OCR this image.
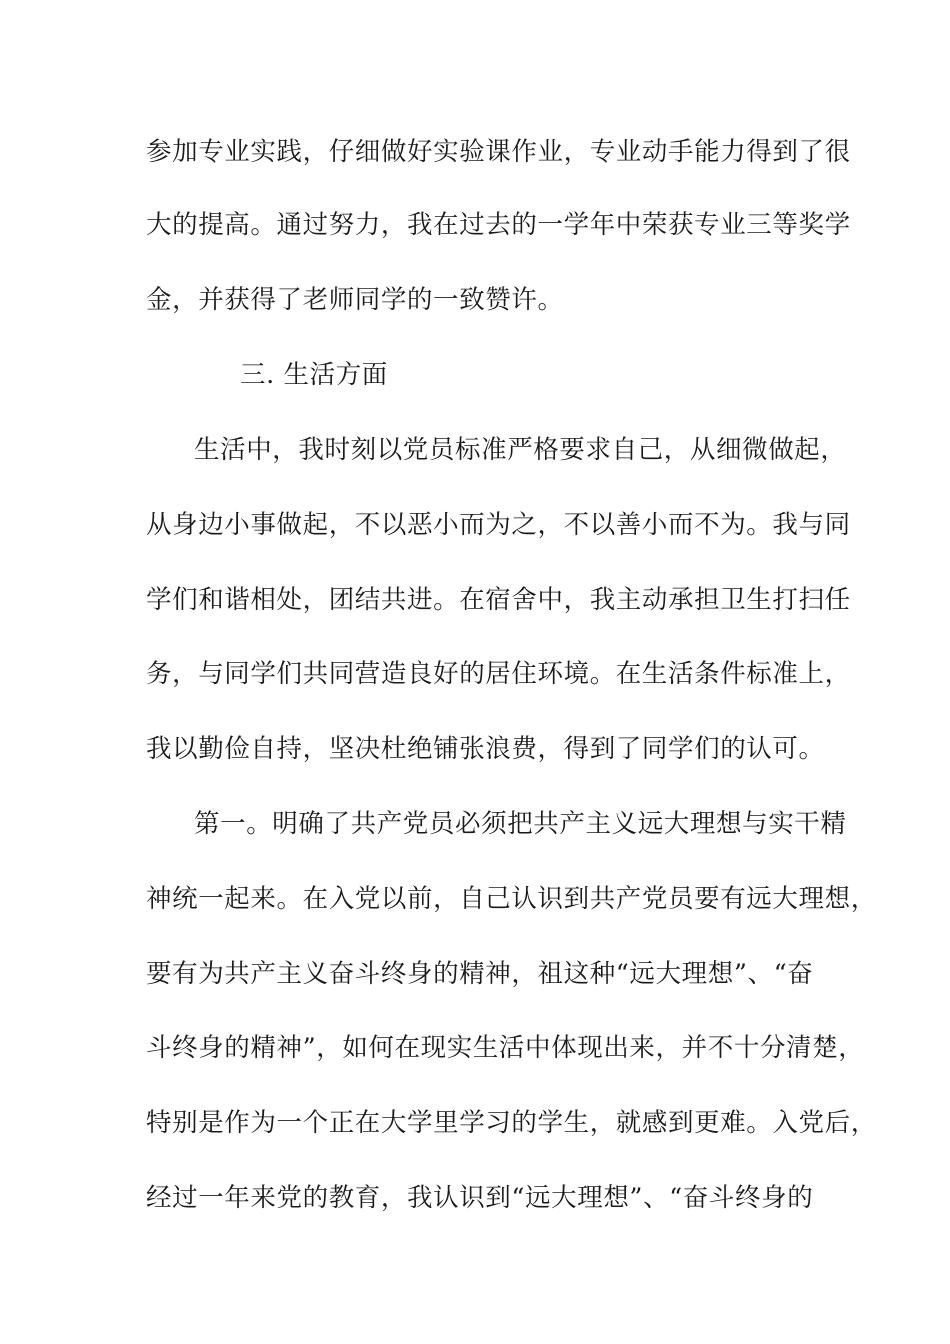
参加专业实践，仔细做好实验课作业，专业动手能力得到了很
大的提高。通过努力，我在过去的一学年中荣获专业三等奖学
金，并获得了老师同学的一致赞许。
三. 生活方面
生活中，我时刻以党员标准严格要求自己，从细微做起，
从身边小事做起，不以恶小而为之，不以善小而不为。我与同
学们和谐相处，团结共进。在宿舍中，我主动承担卫生打扫任
务，与同学们共同营造良好的居住环境。在生活条件标准上，
我以勤俭自持，坚决杜绝铺张浪费，得到了同学们的认可。
第一。明确了共产党员必须把共产主义远大理想与实干精
神统一起来。在入党以前，自己认识到共产党员要有远大理想，
要有为共产主义奋斗终身的精神，祖这种“远大理想”、“奋
斗终身的精神”，如何在现实生活中体现出来，并不十分清楚，
特别是作为一个正在大学里学习的学生，就感到更难。入党后，
经过一年来党的教育，我认识到“远大理想”、“奋斗终身的
